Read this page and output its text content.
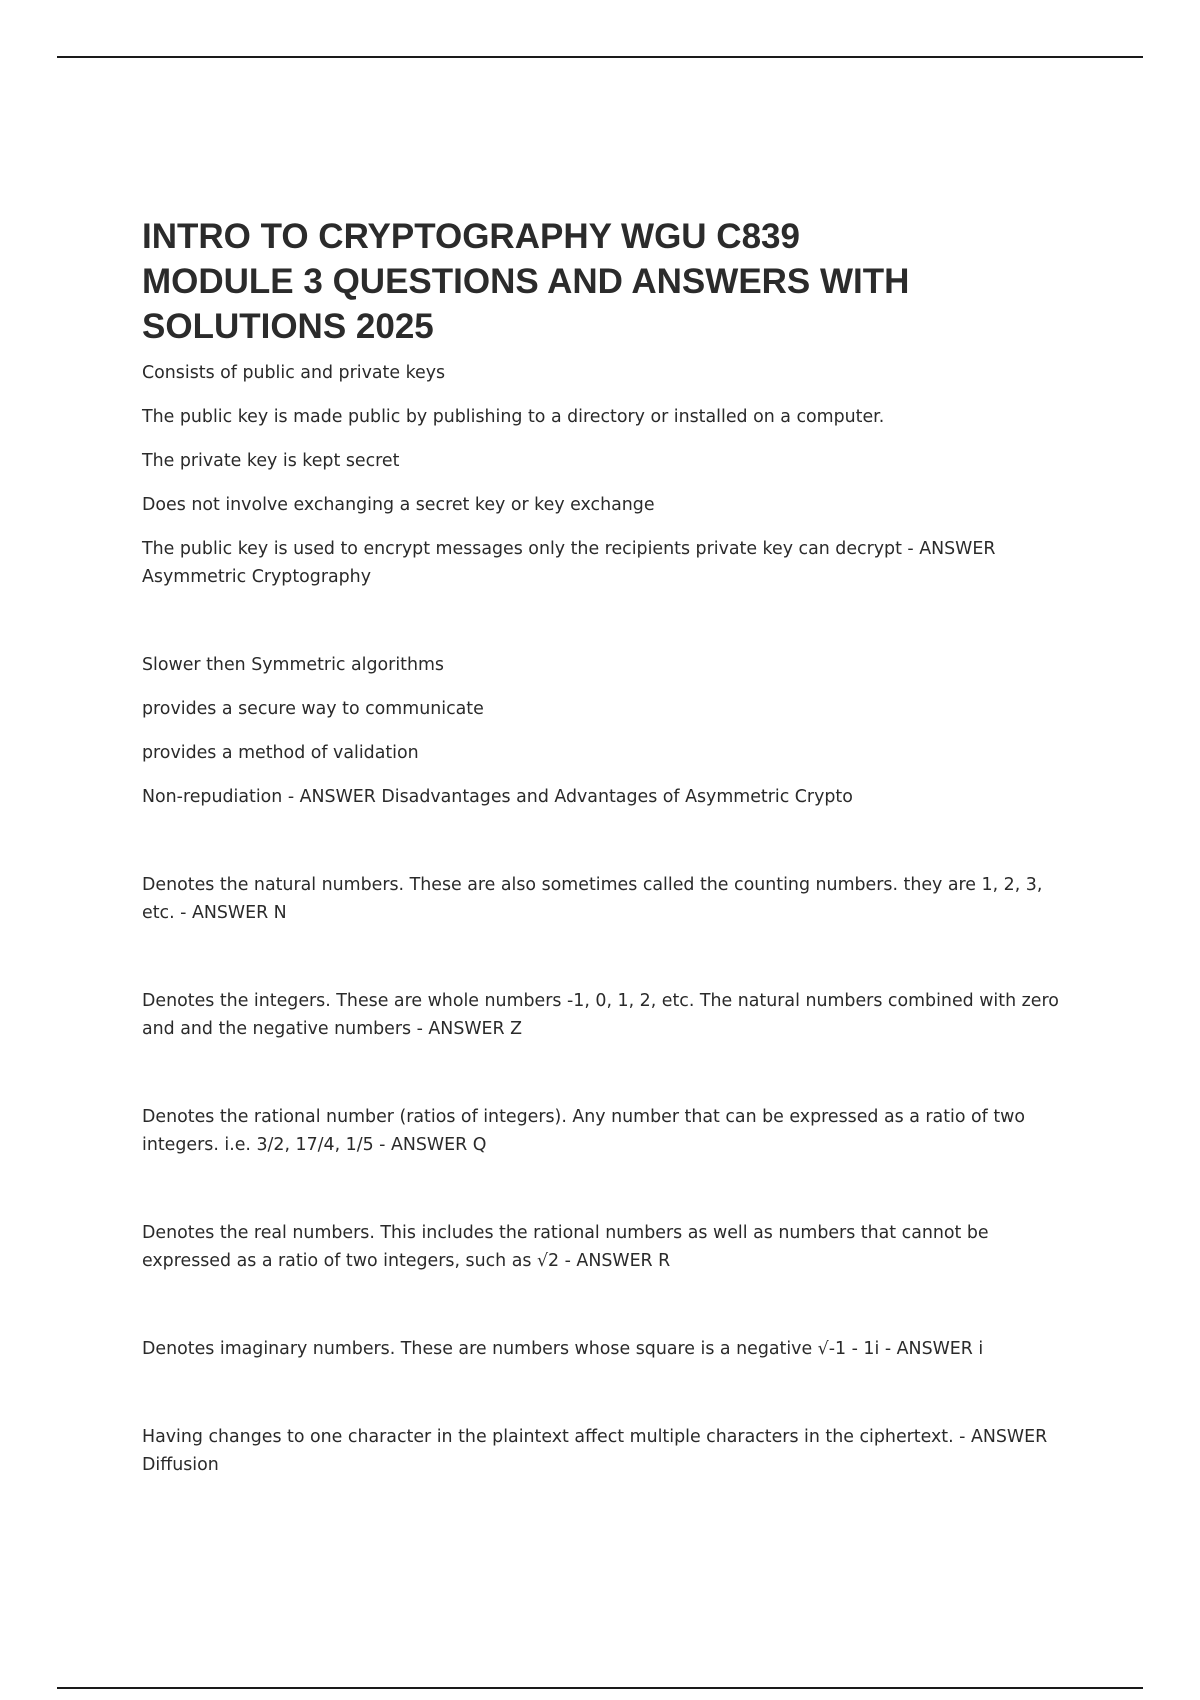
INTRO TO CRYPTOGRAPHY WGU C839
MODULE 3 QUESTIONS AND ANSWERS WITH
SOLUTIONS 2025

Consists of public and private keys

The public key is made public by publishing to a directory or installed on a computer.

The private key is kept secret

Does not involve exchanging a secret key or key exchange

The public key is used to encrypt messages only the recipients private key can decrypt - ANSWER
Asymmetric Cryptography

Slower then Symmetric algorithms

provides a secure way to communicate

provides a method of validation

Non-repudiation - ANSWER Disadvantages and Advantages of Asymmetric Crypto

Denotes the natural numbers. These are also sometimes called the counting numbers. they are 1, 2, 3,
etc. - ANSWER N

Denotes the integers. These are whole numbers -1, 0, 1, 2, etc. The natural numbers combined with zero
and and the negative numbers - ANSWER Z

Denotes the rational number (ratios of integers). Any number that can be expressed as a ratio of two
integers. i.e. 3/2, 17/4, 1/5 - ANSWER Q

Denotes the real numbers. This includes the rational numbers as well as numbers that cannot be
expressed as a ratio of two integers, such as √2 - ANSWER R

Denotes imaginary numbers. These are numbers whose square is a negative √-1 - 1i - ANSWER i

Having changes to one character in the plaintext affect multiple characters in the ciphertext. - ANSWER
Diffusion
